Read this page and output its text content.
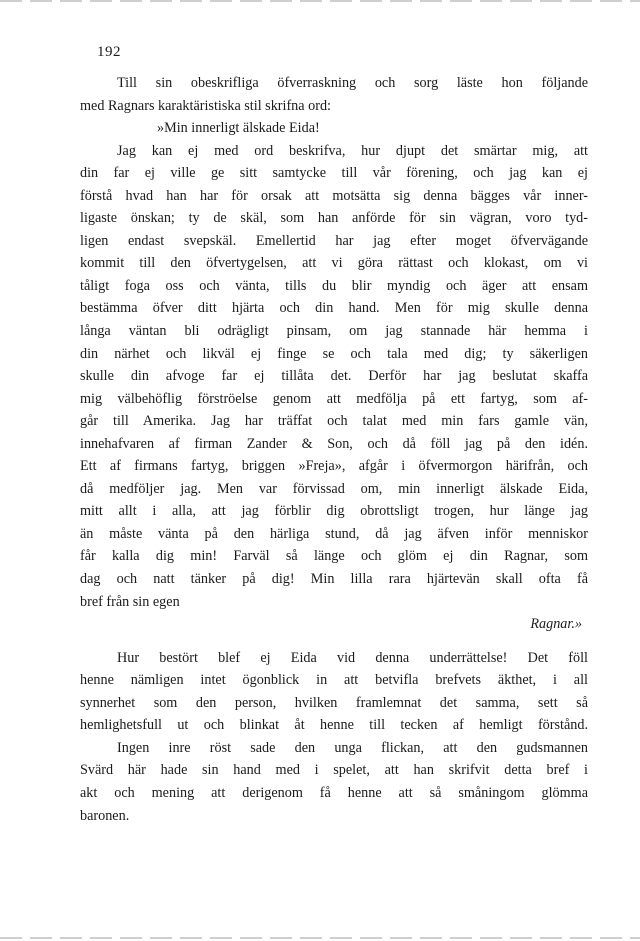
192
Till sin obeskrifliga öfverraskning och sorg läste hon följande
med Ragnars karaktäristiska stil skrifna ord:
»Min innerligt älskade Eida!
Jag kan ej med ord beskrifva, hur djupt det smärtar mig, att
din far ej ville ge sitt samtycke till vår förening, och jag kan ej
förstå hvad han har för orsak att motsätta sig denna bägges vår inner-
ligaste önskan; ty de skäl, som han anförde för sin vägran, voro tyd-
ligen endast svepskäl. Emellertid har jag efter moget öfvervägande
kommit till den öfvertygelsen, att vi göra rättast och klokast, om vi
tåligt foga oss och vänta, tills du blir myndig och äger att ensam
bestämma öfver ditt hjärta och din hand. Men för mig skulle denna
långa väntan bli odrägligt pinsam, om jag stannade här hemma i
din närhet och likväl ej finge se och tala med dig; ty säkerligen
skulle din afvoge far ej tillåta det. Derför har jag beslutat skaffa
mig välbehöflig förströelse genom att medfölja på ett fartyg, som af-
går till Amerika. Jag har träffat och talat med min fars gamle vän,
innehafvaren af firman Zander & Son, och då föll jag på den idén.
Ett af firmans fartyg, briggen »Freja», afgår i öfvermorgon härifrån, och
då medföljer jag. Men var förvissad om, min innerligt älskade Eida,
mitt allt i alla, att jag förblir dig obrottsligt trogen, hur länge jag
än måste vänta på den härliga stund, då jag äfven inför menniskor
får kalla dig min! Farväl så länge och glöm ej din Ragnar, som
dag och natt tänker på dig! Min lilla rara hjärtevän skall ofta få
bref från sin egen
Ragnar.»
Hur bestört blef ej Eida vid denna underrättelse! Det föll
henne nämligen intet ögonblick in att betvifla brefvets äkthet, i all
synnerhet som den person, hvilken framlemnat det samma, sett så
hemlighetsfull ut och blinkat åt henne till tecken af hemligt förstånd.
Ingen inre röst sade den unga flickan, att den gudsmannen
Svärd här hade sin hand med i spelet, att han skrifvit detta bref i
akt och mening att derigenom få henne att så småningom glömma
baronen.
